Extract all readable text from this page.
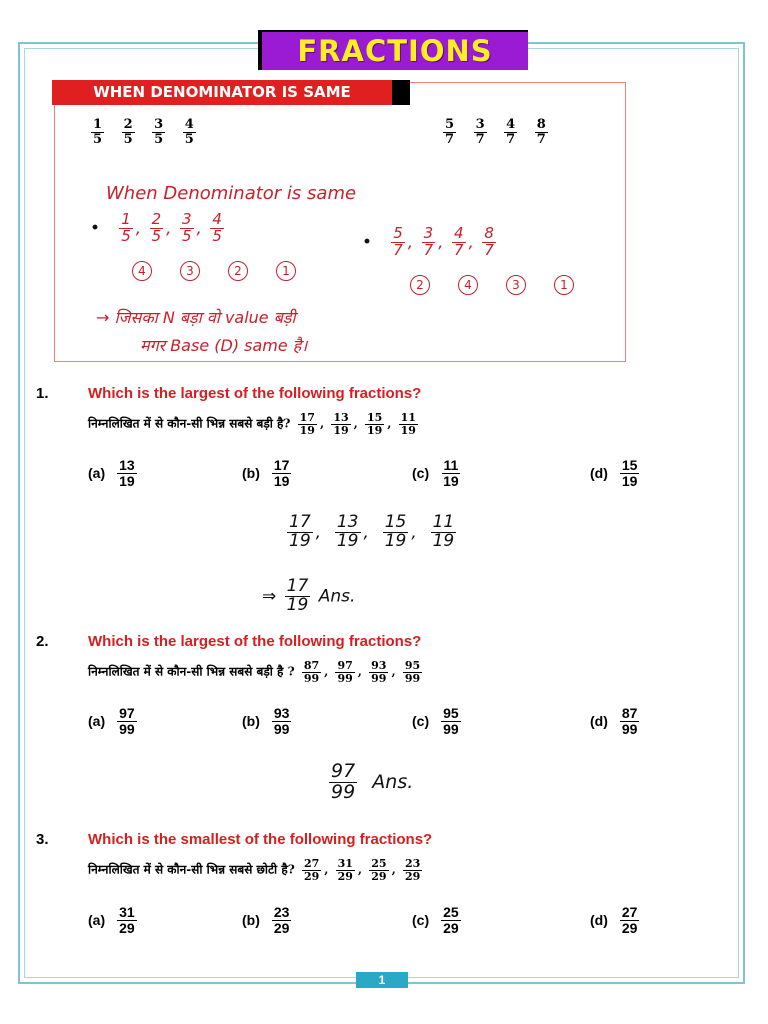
FRACTIONS
WHEN DENOMINATOR IS SAME
$\frac{1}{5}$
$\frac{2}{5}$
$\frac{3}{5}$
$\frac{4}{5}$	$\frac{5}{7}$
$\frac{3}{7}$
$\frac{4}{7}$
$\frac{8}{7}$
When Denominator is same
• $\frac{1}{5}$ , $\frac{2}{5}$ , $\frac{3}{5}$ , $\frac{4}{5}$	• $\frac{5}{7}$ , $\frac{3}{7}$ , $\frac{4}{7}$ , $\frac{8}{7}$
4	3	2	1
2	4	3	1
→ जिसका N बड़ा वो value बड़ी
मगर Base (D) same है।
1.	Which is the largest of the following fractions?
निम्नलिखित में से कौन-सी भिन्न सबसे बड़ी है? $\frac{17}{19}$ , $\frac{13}{19}$ , $\frac{15}{19}$ , $\frac{11}{19}$
$(a) \frac{13}{19}$	$(b) \frac{17}{19}$	$(c) \frac{11}{19}$	$(d) \frac{15}{19}$
$\frac{17}{19}$ , $\frac{13}{19}$ , $\frac{15}{19}$ , $\frac{11}{19}$
⇒ $\frac{17}{19}$ Ans.
2.	Which is the largest of the following fractions?
निम्नलिखित में से कौन-सी भिन्न सबसे बड़ी है ? $\frac{87}{99}$ , $\frac{97}{99}$ , $\frac{93}{99}$ , $\frac{95}{99}$
$(a) \frac{97}{99}$	$(b) \frac{93}{99}$	$(c) \frac{95}{99}$	$(d) \frac{87}{99}$
$\frac{97}{99}$ Ans.
3.	Which is the smallest of the following fractions?
निम्नलिखित में से कौन-सी भिन्न सबसे छोटी है? $\frac{27}{29}$ , $\frac{31}{29}$ , $\frac{25}{29}$ , $\frac{23}{29}$
$(a) \frac{31}{29}$	$(b) \frac{23}{29}$	$(c) \frac{25}{29}$	$(d) \frac{27}{29}$
1
